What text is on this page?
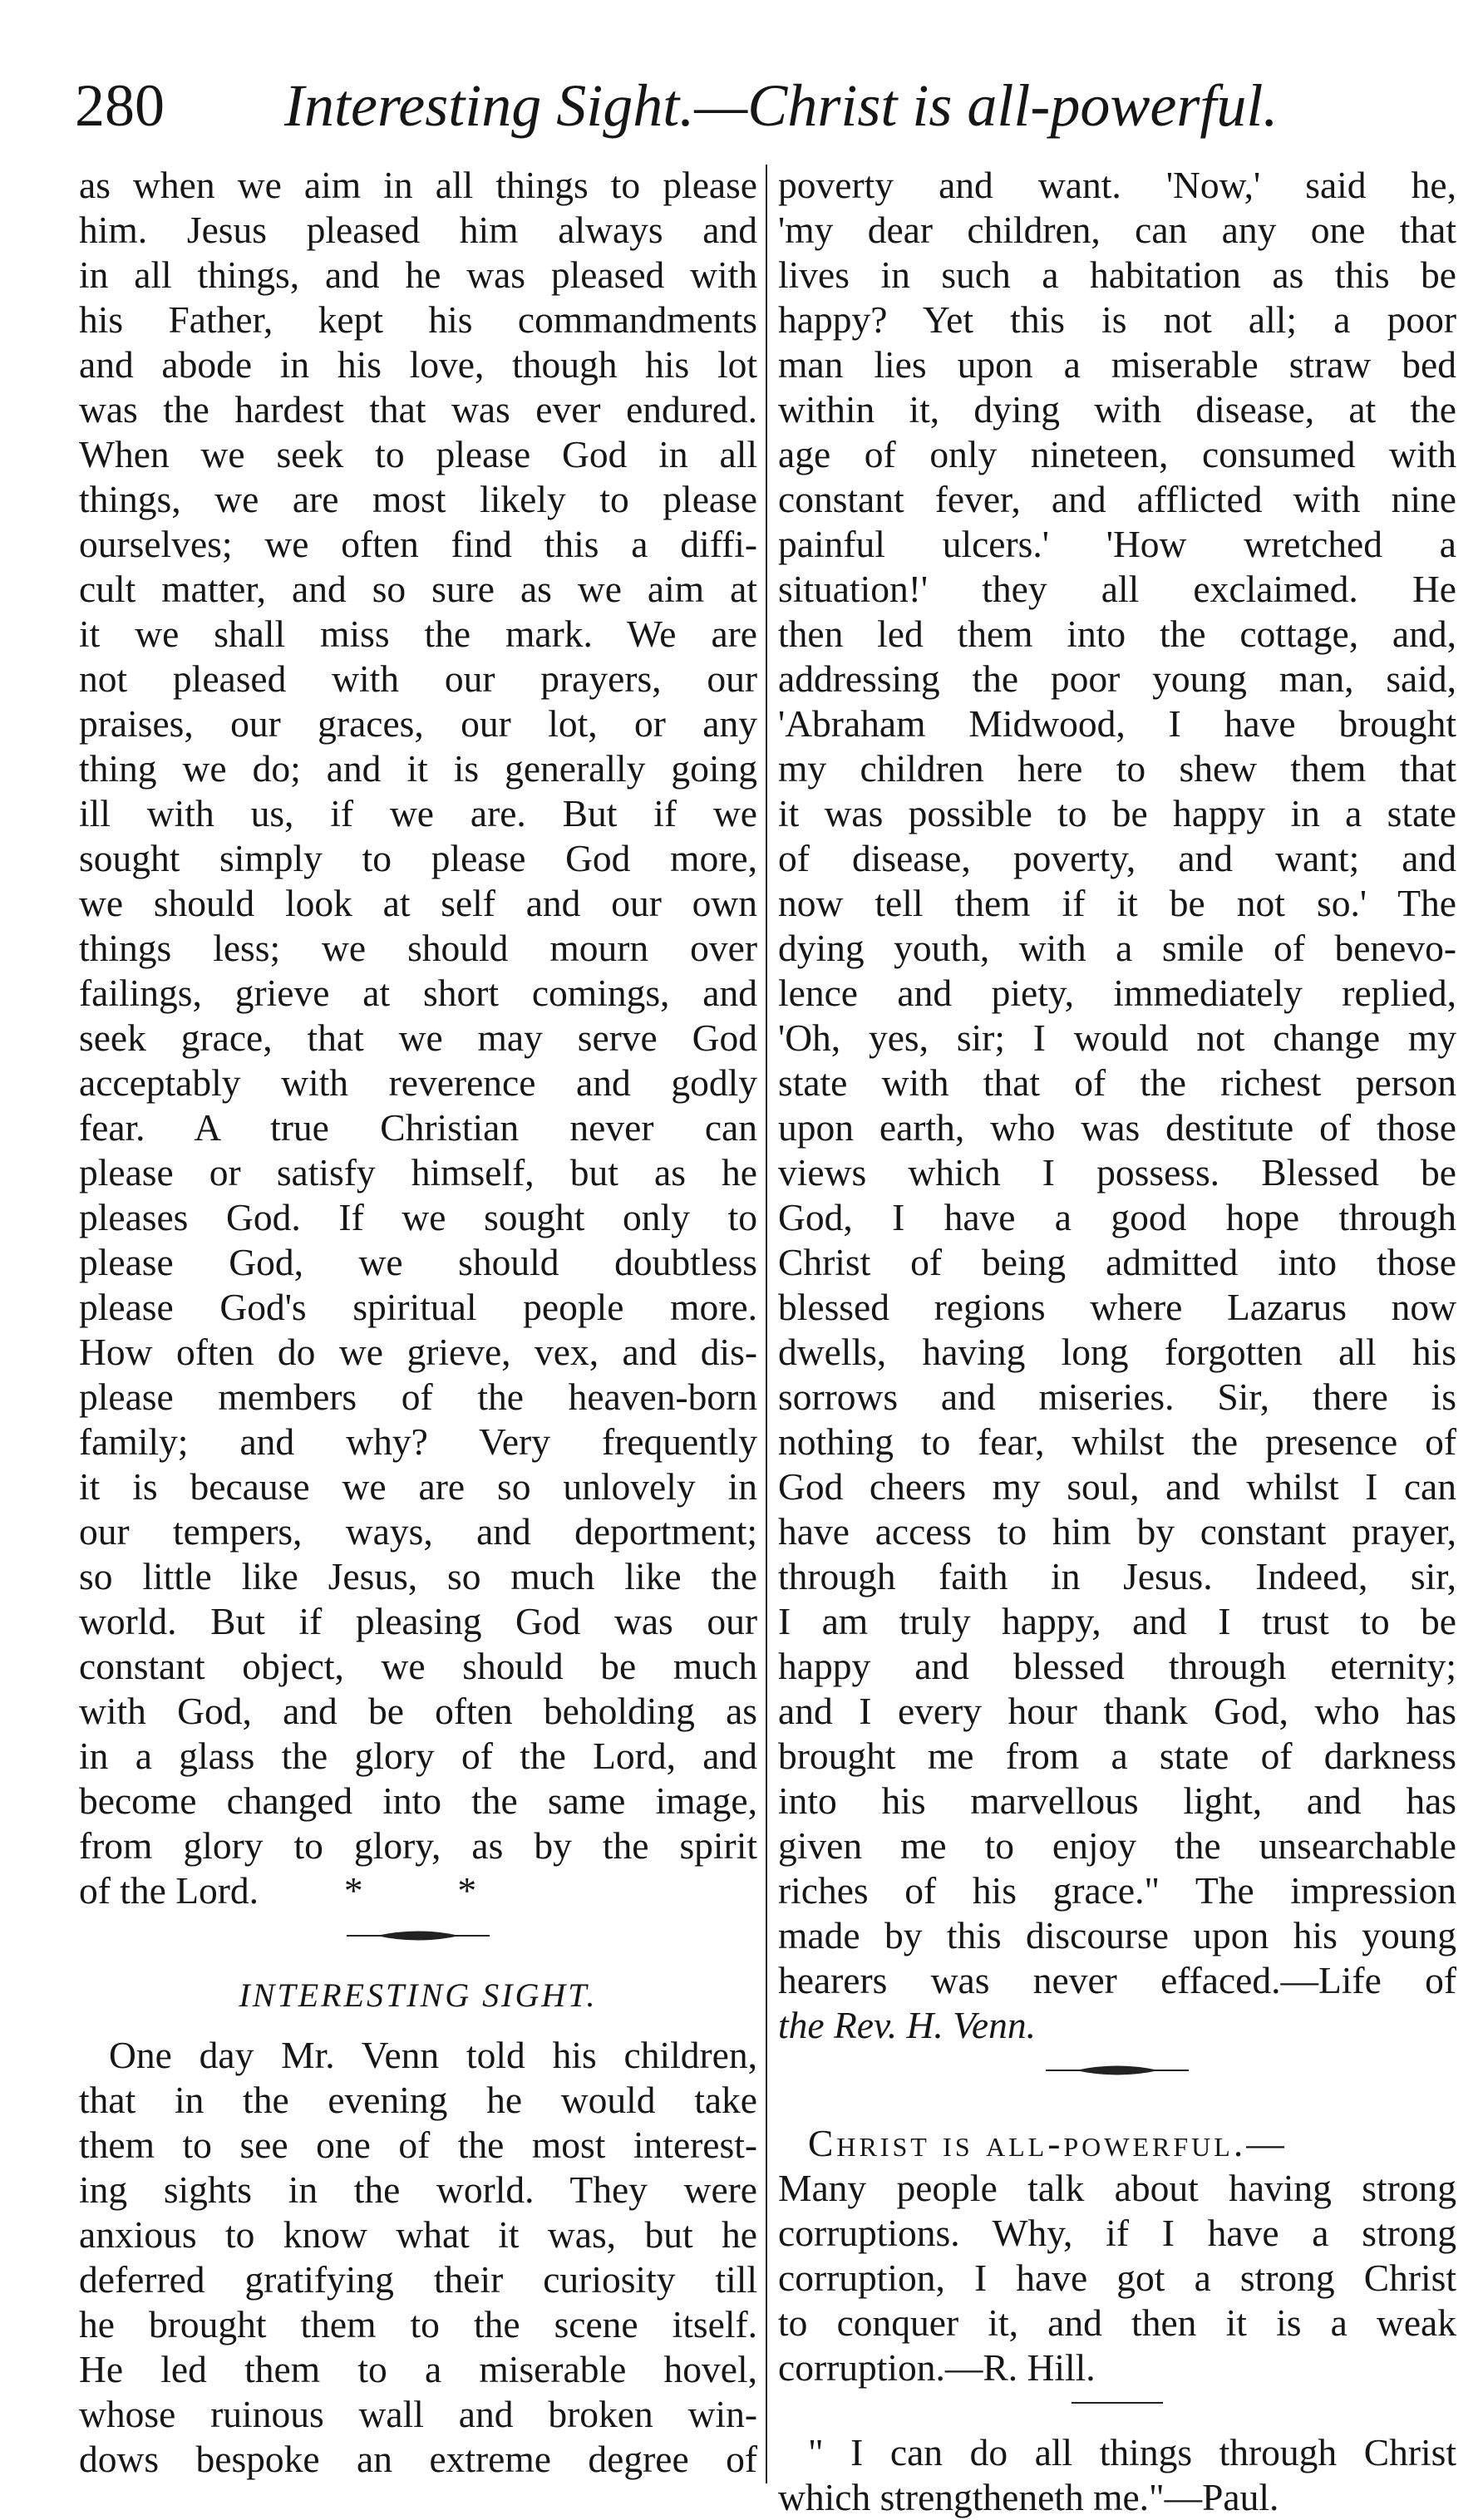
280 Interesting Sight.—Christ is all-powerful.
as when we aim in all things to please
him. Jesus pleased him always and
in all things, and he was pleased with
his Father, kept his commandments
and abode in his love, though his lot
was the hardest that was ever endured.
When we seek to please God in all
things, we are most likely to please
ourselves; we often find this a diffi-
cult matter, and so sure as we aim at
it we shall miss the mark. We are
not pleased with our prayers, our
praises, our graces, our lot, or any
thing we do; and it is generally going
ill with us, if we are. But if we
sought simply to please God more,
we should look at self and our own
things less; we should mourn over
failings, grieve at short comings, and
seek grace, that we may serve God
acceptably with reverence and godly
fear. A true Christian never can
please or satisfy himself, but as he
pleases God. If we sought only to
please God, we should doubtless
please God's spiritual people more.
How often do we grieve, vex, and dis-
please members of the heaven-born
family; and why? Very frequently
it is because we are so unlovely in
our tempers, ways, and deportment;
so little like Jesus, so much like the
world. But if pleasing God was our
constant object, we should be much
with God, and be often beholding as
in a glass the glory of the Lord, and
become changed into the same image,
from glory to glory, as by the spirit
of the Lord. *          *
INTERESTING SIGHT.
One day Mr. Venn told his children,
that in the evening he would take
them to see one of the most interest-
ing sights in the world. They were
anxious to know what it was, but he
deferred gratifying their curiosity till
he brought them to the scene itself.
He led them to a miserable hovel,
whose ruinous wall and broken win-
dows bespoke an extreme degree of
poverty and want. 'Now,' said he,
'my dear children, can any one that
lives in such a habitation as this be
happy? Yet this is not all; a poor
man lies upon a miserable straw bed
within it, dying with disease, at the
age of only nineteen, consumed with
constant fever, and afflicted with nine
painful ulcers.' 'How wretched a
situation!' they all exclaimed. He
then led them into the cottage, and,
addressing the poor young man, said,
'Abraham Midwood, I have brought
my children here to shew them that
it was possible to be happy in a state
of disease, poverty, and want; and
now tell them if it be not so.' The
dying youth, with a smile of benevo-
lence and piety, immediately replied,
'Oh, yes, sir; I would not change my
state with that of the richest person
upon earth, who was destitute of those
views which I possess. Blessed be
God, I have a good hope through
Christ of being admitted into those
blessed regions where Lazarus now
dwells, having long forgotten all his
sorrows and miseries. Sir, there is
nothing to fear, whilst the presence of
God cheers my soul, and whilst I can
have access to him by constant prayer,
through faith in Jesus. Indeed, sir,
I am truly happy, and I trust to be
happy and blessed through eternity;
and I every hour thank God, who has
brought me from a state of darkness
into his marvellous light, and has
given me to enjoy the unsearchable
riches of his grace." The impression
made by this discourse upon his young
hearers was never effaced.—Life of
the Rev. H. Venn.
Christ is all-powerful.—
Many people talk about having strong
corruptions. Why, if I have a strong
corruption, I have got a strong Christ
to conquer it, and then it is a weak
corruption.—R. Hill.
" I can do all things through Christ
which strengtheneth me."—Paul.
